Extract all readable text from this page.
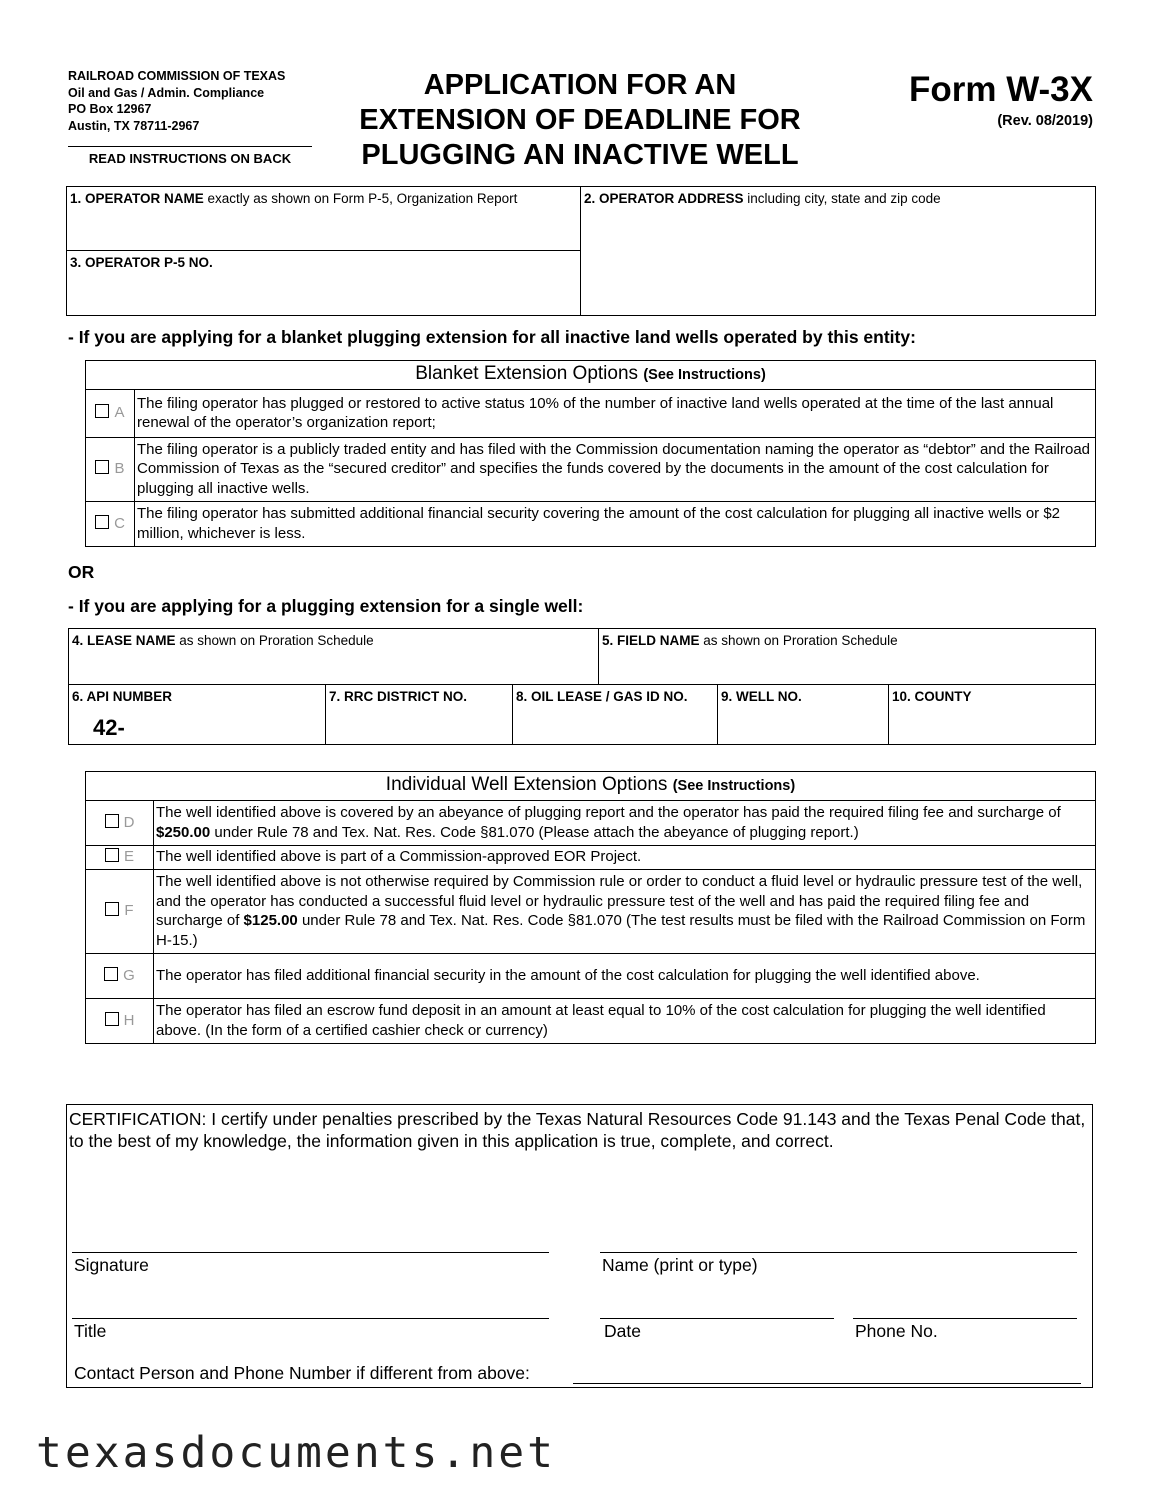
RAILROAD COMMISSION OF TEXAS
Oil and Gas / Admin. Compliance
PO Box 12967
Austin, TX 78711-2967
READ INSTRUCTIONS ON BACK
APPLICATION FOR AN
EXTENSION OF DEADLINE FOR
PLUGGING AN INACTIVE WELL
Form W-3X
(Rev. 08/2019)
1. OPERATOR NAME exactly as shown on Form P-5, Organization Report
3. OPERATOR P-5 NO.
2. OPERATOR ADDRESS including city, state and zip code
- If you are applying for a blanket plugging extension for all inactive land wells operated by this entity:
Blanket Extension Options (See Instructions)	
A	The filing operator has plugged or restored to active status 10% of the number of inactive land wells operated at the time of the last annual renewal of the operator’s organization report;
B	The filing operator is a publicly traded entity and has filed with the Commission documentation naming the operator as “debtor” and the Railroad Commission of Texas as the “secured creditor” and specifies the funds covered by the documents in the amount of the cost calculation for plugging all inactive wells.
C	The filing operator has submitted additional financial security covering the amount of the cost calculation for plugging all inactive wells or $2 million, whichever is less.
OR
- If you are applying for a plugging extension for a single well:
4. LEASE NAME as shown on Proration Schedule	5. FIELD NAME as shown on Proration Schedule
6. API NUMBER
42-
7. RRC DISTRICT NO.	8. OIL LEASE / GAS ID NO.	9. WELL NO.	10. COUNTY
Individual Well Extension Options (See Instructions)	
D	The well identified above is covered by an abeyance of plugging report and the operator has paid the required filing fee and surcharge of $250.00 under Rule 78 and Tex. Nat. Res. Code §81.070 (Please attach the abeyance of plugging report.)
E	The well identified above is part of a Commission-approved EOR Project.
F	The well identified above is not otherwise required by Commission rule or order to conduct a fluid level or hydraulic pressure test of the well, and the operator has conducted a successful fluid level or hydraulic pressure test of the well and has paid the required filing fee and surcharge of $125.00 under Rule 78 and Tex. Nat. Res. Code §81.070 (The test results must be filed with the Railroad Commission on Form H-15.)
G	The operator has filed additional financial security in the amount of the cost calculation for plugging the well identified above.
H	The operator has filed an escrow fund deposit in an amount at least equal to 10% of the cost calculation for plugging the well identified above. (In the form of a certified cashier check or currency)
CERTIFICATION: I certify under penalties prescribed by the Texas Natural Resources Code 91.143 and the Texas Penal Code that, to the best of my knowledge, the information given in this application is true, complete, and correct.
Signature	Name (print or type)
Title	Date	Phone No.
Contact Person and Phone Number if different from above:
texasdocuments.net
